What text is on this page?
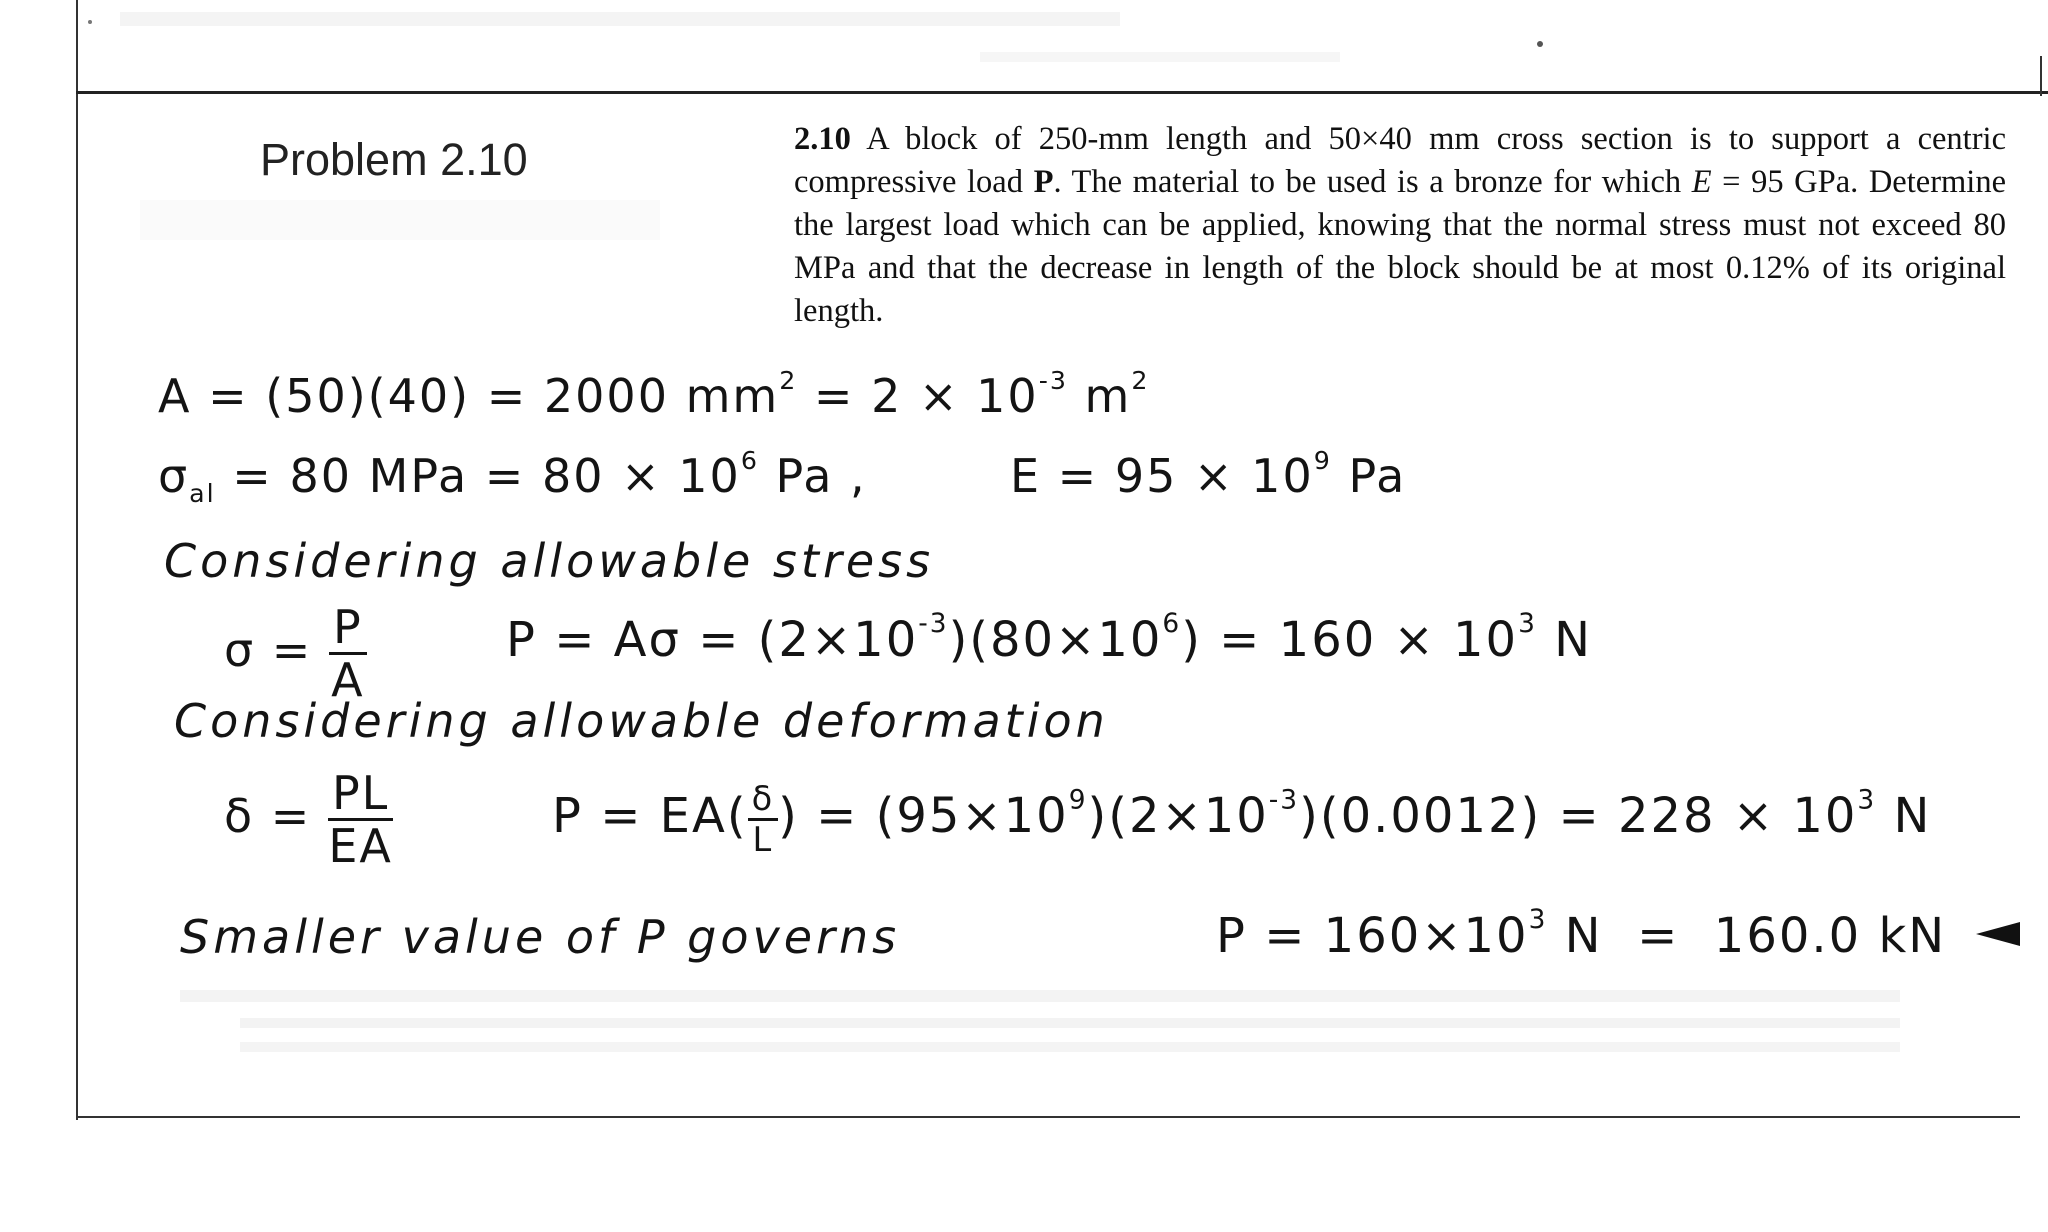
Problem 2.10	2.10 A block of 250-mm length and 50×40 mm cross section is to support a centric compressive load P. The material to be used is a bronze for which E = 95 GPa. Determine the largest load which can be applied, knowing that the normal stress must not exceed 80 MPa and that the decrease in length of the block should be at most 0.12% of its original length.
A = (50)(40) = 2000 $mm^2 = 2 \times 10^{-3}$ $m^2$
$\sigma_{al} = 80$ MPa = $80 \times 10^6$ Pa ,	$E = 95 \times 10^9$ Pa
Considering allowable stress
$\sigma = \frac{P}{A}$	$P = A\sigma = (2\times 10^{-3})(80\times 10^6) = 160 \times 10^3$ N
Considering allowable deformation
$\delta = \frac{PL}{EA}$	$P = EA( \frac{\delta}{L}$ ) = $(95\times 10^9)(2\times 10^{-3})(0.0012) = 228 \times 10^3$ N
Smaller value of P governs	$P = 160\times 10^3$ N  =  160.0 kN
